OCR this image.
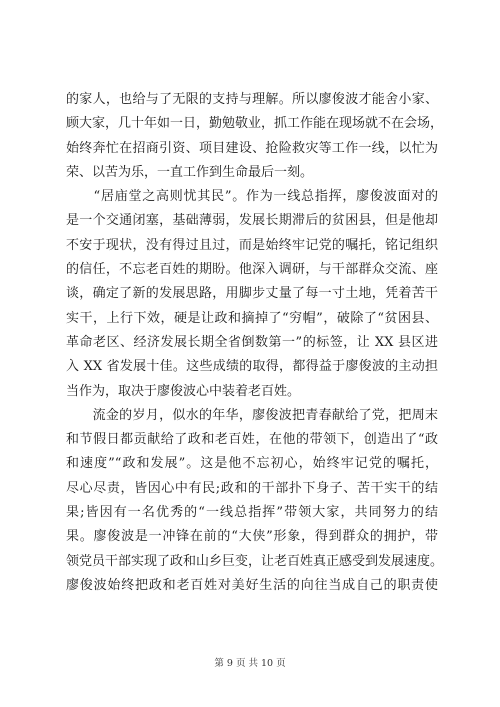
的家人，也给与了无限的支持与理解。所以廖俊波才能舍小家、
顾大家，几十年如一日，勤勉敬业，抓工作能在现场就不在会场，
始终奔忙在招商引资、项目建设、抢险救灾等工作一线，以忙为
荣、以苦为乐，一直工作到生命最后一刻。
　　“居庙堂之高则忧其民”。作为一线总指挥，廖俊波面对的
是一个交通闭塞，基础薄弱，发展长期滞后的贫困县，但是他却
不安于现状，没有得过且过，而是始终牢记党的嘱托，铭记组织
的信任，不忘老百姓的期盼。他深入调研，与干部群众交流、座
谈，确定了新的发展思路，用脚步丈量了每一寸土地，凭着苦干
实干，上行下效，硬是让政和摘掉了“穷帽”，破除了“贫困县、
革命老区、经济发展长期全省倒数第一”的标签，让 XX 县区进
入 XX 省发展十佳。这些成绩的取得，都得益于廖俊波的主动担
当作为，取决于廖俊波心中装着老百姓。
　　流金的岁月，似水的年华，廖俊波把青春献给了党，把周末
和节假日都贡献给了政和老百姓，在他的带领下，创造出了“政
和速度”“政和发展”。这是他不忘初心，始终牢记党的嘱托，
尽心尽责，皆因心中有民;政和的干部扑下身子、苦干实干的结
果;皆因有一名优秀的“一线总指挥”带领大家，共同努力的结
果。廖俊波是一冲锋在前的“大侠”形象，得到群众的拥护，带
领党员干部实现了政和山乡巨变，让老百姓真正感受到发展速度。
廖俊波始终把政和老百姓对美好生活的向往当成自己的职责使
第 9 页 共 10 页
